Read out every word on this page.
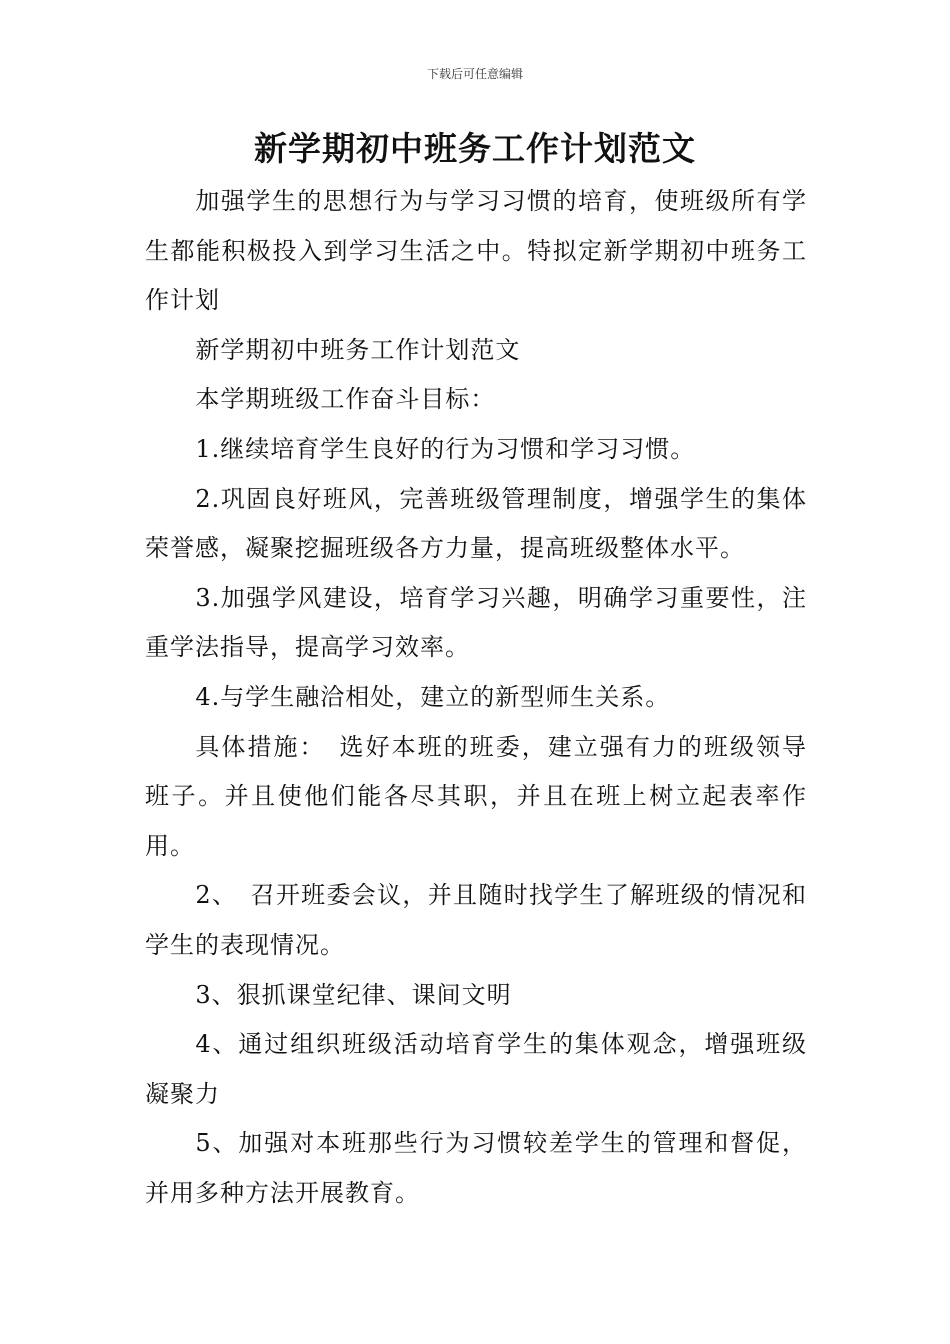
下载后可任意编辑
新学期初中班务工作计划范文

加强学生的思想行为与学习习惯的培育，使班级所有学生都能积极投入到学习生活之中。特拟定新学期初中班务工作计划

新学期初中班务工作计划范文

本学期班级工作奋斗目标：

1.继续培育学生良好的行为习惯和学习习惯。

2.巩固良好班风，完善班级管理制度，增强学生的集体荣誉感，凝聚挖掘班级各方力量，提高班级整体水平。

3.加强学风建设，培育学习兴趣，明确学习重要性，注重学法指导，提高学习效率。

4.与学生融洽相处，建立的新型师生关系。

具体措施：　选好本班的班委，建立强有力的班级领导班子。并且使他们能各尽其职，并且在班上树立起表率作用。

2、　召开班委会议，并且随时找学生了解班级的情况和学生的表现情况。

3、狠抓课堂纪律、课间文明

4、通过组织班级活动培育学生的集体观念，增强班级凝聚力

5、加强对本班那些行为习惯较差学生的管理和督促，并用多种方法开展教育。
